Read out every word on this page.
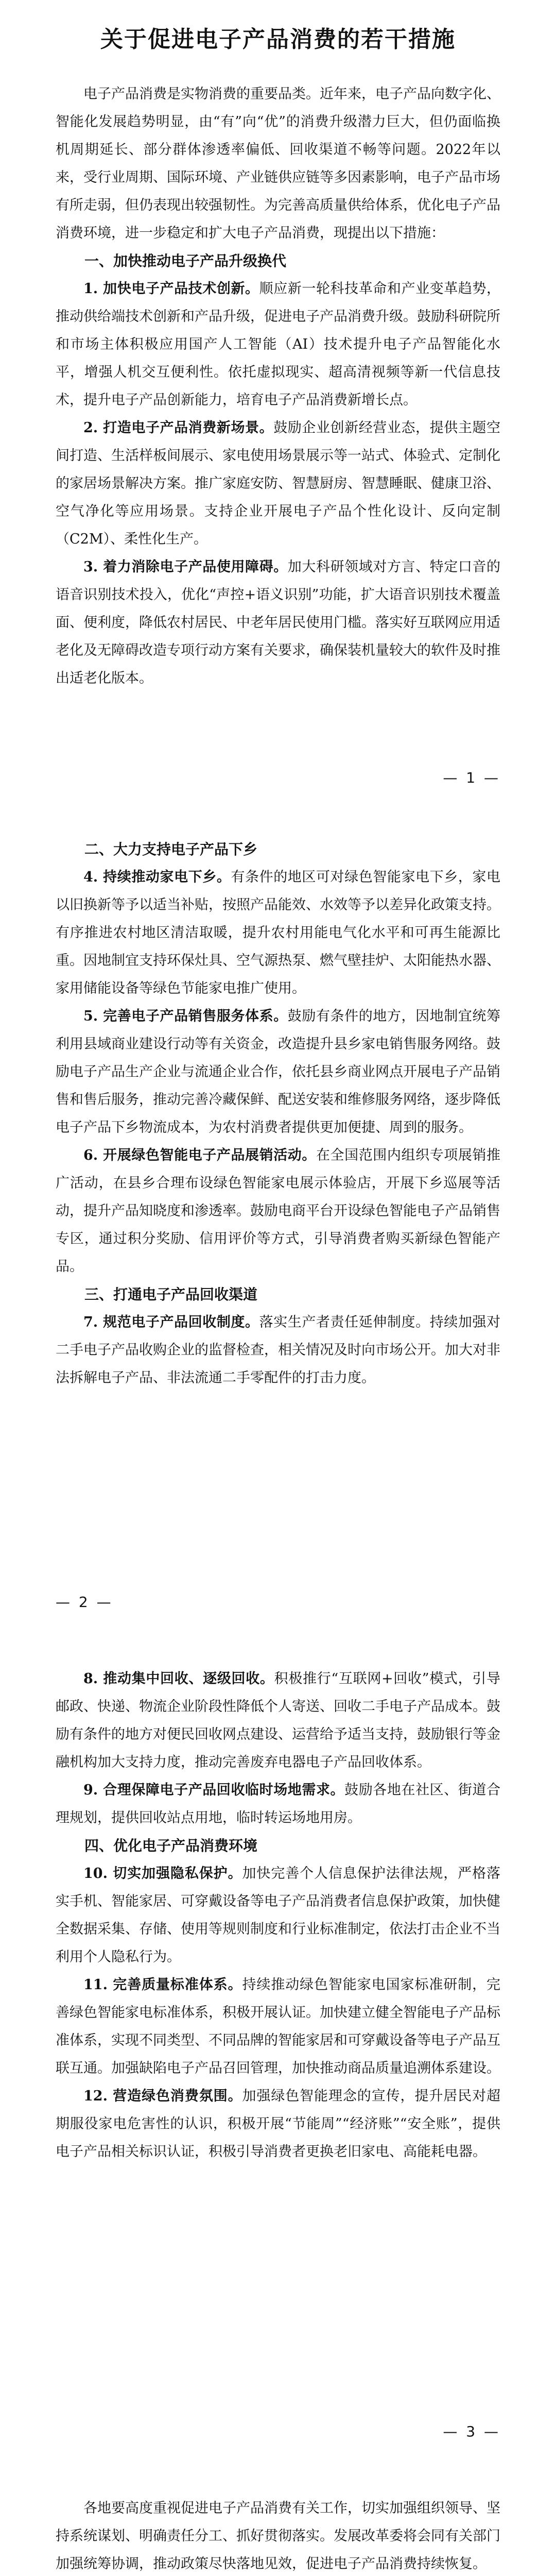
关于促进电子产品消费的若干措施

电子产品消费是实物消费的重要品类。近年来，电子产品向数字化、智能化发展趋势明显，由“有”向“优”的消费升级潜力巨大，但仍面临换机周期延长、部分群体渗透率偏低、回收渠道不畅等问题。2022年以来，受行业周期、国际环境、产业链供应链等多因素影响，电子产品市场有所走弱，但仍表现出较强韧性。为完善高质量供给体系，优化电子产品消费环境，进一步稳定和扩大电子产品消费，现提出以下措施：

一、加快推动电子产品升级换代

1. 加快电子产品技术创新。顺应新一轮科技革命和产业变革趋势，推动供给端技术创新和产品升级，促进电子产品消费升级。鼓励科研院所和市场主体积极应用国产人工智能（AI）技术提升电子产品智能化水平，增强人机交互便利性。依托虚拟现实、超高清视频等新一代信息技术，提升电子产品创新能力，培育电子产品消费新增长点。

2. 打造电子产品消费新场景。鼓励企业创新经营业态，提供主题空间打造、生活样板间展示、家电使用场景展示等一站式、体验式、定制化的家居场景解决方案。推广家庭安防、智慧厨房、智慧睡眠、健康卫浴、空气净化等应用场景。支持企业开展电子产品个性化设计、反向定制（C2M）、柔性化生产。

3. 着力消除电子产品使用障碍。加大科研领域对方言、特定口音的语音识别技术投入，优化“声控+语义识别”功能，扩大语音识别技术覆盖面、便利度，降低农村居民、中老年居民使用门槛。落实好互联网应用适老化及无障碍改造专项行动方案有关要求，确保装机量较大的软件及时推出适老化版本。

— 1 —

二、大力支持电子产品下乡

4. 持续推动家电下乡。有条件的地区可对绿色智能家电下乡，家电以旧换新等予以适当补贴，按照产品能效、水效等予以差异化政策支持。有序推进农村地区清洁取暖，提升农村用能电气化水平和可再生能源比重。因地制宜支持环保灶具、空气源热泵、燃气壁挂炉、太阳能热水器、家用储能设备等绿色节能家电推广使用。

5. 完善电子产品销售服务体系。鼓励有条件的地方，因地制宜统筹利用县域商业建设行动等有关资金，改造提升县乡家电销售服务网络。鼓励电子产品生产企业与流通企业合作，依托县乡商业网点开展电子产品销售和售后服务，推动完善冷藏保鲜、配送安装和维修服务网络，逐步降低电子产品下乡物流成本，为农村消费者提供更加便捷、周到的服务。

6. 开展绿色智能电子产品展销活动。在全国范围内组织专项展销推广活动，在县乡合理布设绿色智能家电展示体验店，开展下乡巡展等活动，提升产品知晓度和渗透率。鼓励电商平台开设绿色智能电子产品销售专区，通过积分奖励、信用评价等方式，引导消费者购买新绿色智能产品。

三、打通电子产品回收渠道

7. 规范电子产品回收制度。落实生产者责任延伸制度。持续加强对二手电子产品收购企业的监督检查，相关情况及时向市场公开。加大对非法拆解电子产品、非法流通二手零配件的打击力度。

— 2 —

8. 推动集中回收、逐级回收。积极推行“互联网+回收”模式，引导邮政、快递、物流企业阶段性降低个人寄送、回收二手电子产品成本。鼓励有条件的地方对便民回收网点建设、运营给予适当支持，鼓励银行等金融机构加大支持力度，推动完善废弃电器电子产品回收体系。

9. 合理保障电子产品回收临时场地需求。鼓励各地在社区、街道合理规划，提供回收站点用地，临时转运场地用房。

四、优化电子产品消费环境

10. 切实加强隐私保护。加快完善个人信息保护法律法规，严格落实手机、智能家居、可穿戴设备等电子产品消费者信息保护政策，加快健全数据采集、存储、使用等规则制度和行业标准制定，依法打击企业不当利用个人隐私行为。

11. 完善质量标准体系。持续推动绿色智能家电国家标准研制，完善绿色智能家电标准体系，积极开展认证。加快建立健全智能电子产品标准体系，实现不同类型、不同品牌的智能家居和可穿戴设备等电子产品互联互通。加强缺陷电子产品召回管理，加快推动商品质量追溯体系建设。

12. 营造绿色消费氛围。加强绿色智能理念的宣传，提升居民对超期服役家电危害性的认识，积极开展“节能周”“经济账”“安全账”，提供电子产品相关标识认证，积极引导消费者更换老旧家电、高能耗电器。

— 3 —

各地要高度重视促进电子产品消费有关工作，切实加强组织领导、坚持系统谋划、明确责任分工、抓好贯彻落实。发展改革委将会同有关部门加强统筹协调，推动政策尽快落地见效，促进电子产品消费持续恢复。
